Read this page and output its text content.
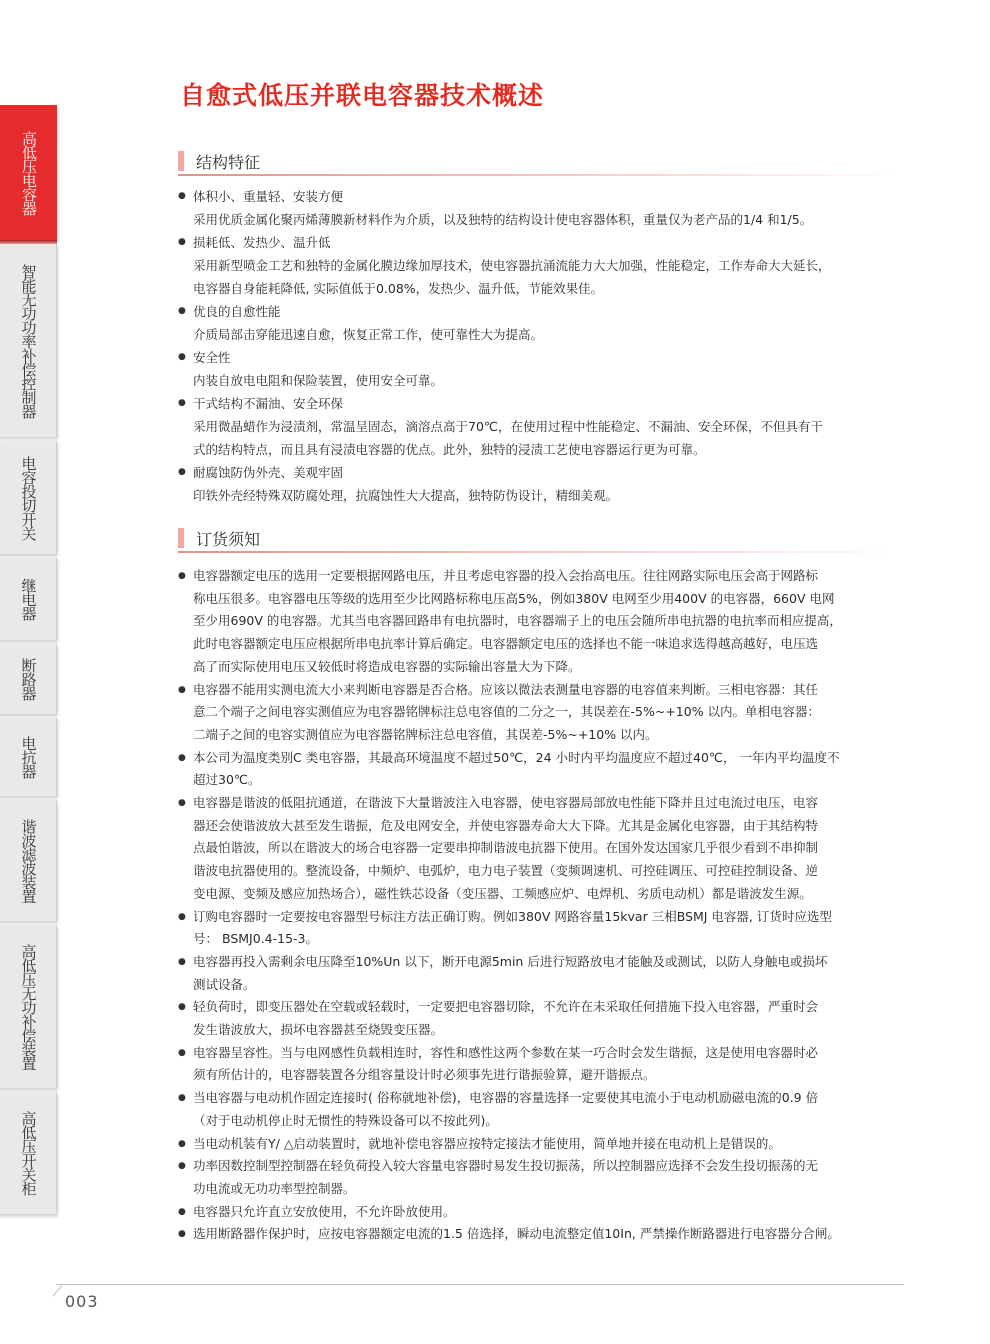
高低压电容器
智能无功功率补偿控制器
电容投切开关
继电器
断路器
电抗器
谐波滤波装置
高低压无功补偿装置
高低压开关柜
自愈式低压并联电容器技术概述
结构特征

● 体积小、重量轻、安装方便

采用优质金属化聚丙烯薄膜新材料作为介质，以及独特的结构设计使电容器体积，重量仅为老产品的1/4 和1/5。

● 损耗低、发热少、温升低

采用新型喷金工艺和独特的金属化膜边缘加厚技术，使电容器抗涌流能力大大加强，性能稳定，工作寿命大大延长，

电容器自身能耗降低, 实际值低于0.08%，发热少、温升低，节能效果佳。

● 优良的自愈性能

介质局部击穿能迅速自愈，恢复正常工作，使可靠性大为提高。

● 安全性

内装自放电电阻和保险装置，使用安全可靠。

● 干式结构不漏油、安全环保

采用微晶蜡作为浸渍剂，常温呈固态，滴溶点高于70℃，在使用过程中性能稳定、不漏油、安全环保，不但具有干

式的结构特点，而且具有浸渍电容器的优点。此外，独特的浸渍工艺使电容器运行更为可靠。

● 耐腐蚀防伪外壳、美观牢固

印铁外壳经特殊双防腐处理，抗腐蚀性大大提高，独特防伪设计，精细美观。

订货须知

● 电容器额定电压的选用一定要根据网路电压，并且考虑电容器的投入会抬高电压。往往网路实际电压会高于网路标

称电压很多。电容器电压等级的选用至少比网路标称电压高5%，例如380V 电网至少用400V 的电容器，660V 电网

至少用690V 的电容器。尤其当电容器回路串有电抗器时，电容器端子上的电压会随所串电抗器的电抗率而相应提高，

此时电容器额定电压应根据所串电抗率计算后确定。电容器额定电压的选择也不能一味追求选得越高越好，电压选

高了而实际使用电压又较低时将造成电容器的实际输出容量大为下降。

● 电容器不能用实测电流大小来判断电容器是否合格。应该以微法表测量电容器的电容值来判断。三相电容器：其任

意二个端子之间电容实测值应为电容器铭牌标注总电容值的二分之一，其误差在-5%~+10% 以内。单相电容器：

二端子之间的电容实测值应为电容器铭牌标注总电容值，其误差-5%~+10% 以内。

● 本公司为温度类别C 类电容器，其最高环境温度不超过50℃，24 小时内平均温度应不超过40℃， 一年内平均温度不

超过30℃。

● 电容器是谐波的低阻抗通道，在谐波下大量谐波注入电容器，使电容器局部放电性能下降并且过电流过电压，电容

器还会使谐波放大甚至发生谐振，危及电网安全，并使电容器寿命大大下降。尤其是金属化电容器，由于其结构特

点最怕谐波，所以在谐波大的场合电容器一定要串抑制谐波电抗器下使用。在国外发达国家几乎很少看到不串抑制

谐波电抗器使用的。整流设备，中频炉、电弧炉，电力电子装置（变频调速机、可控硅调压、可控硅控制设备、逆

变电源、变频及感应加热场合），磁性铁芯设备（变压器、工频感应炉、电焊机、劣质电动机）都是谐波发生源。

● 订购电容器时一定要按电容器型号标注方法正确订购。例如380V 网路容量15kvar 三相BSMJ 电容器, 订货时应选型

号： BSMJ0.4-15-3。

● 电容器再投入需剩余电压降至10%Un 以下，断开电源5min 后进行短路放电才能触及或测试，以防人身触电或损坏

测试设备。

● 轻负荷时，即变压器处在空载或轻载时，一定要把电容器切除，不允许在未采取任何措施下投入电容器，严重时会

发生谐波放大，损坏电容器甚至烧毁变压器。

● 电容器呈容性。当与电网感性负载相连时，容性和感性这两个参数在某一巧合时会发生谐振，这是使用电容器时必

须有所估计的，电容器装置各分组容量设计时必须事先进行谐振验算，避开谐振点。

● 当电容器与电动机作固定连接时( 俗称就地补偿)，电容器的容量选择一定要使其电流小于电动机励磁电流的0.9 倍

（对于电动机停止时无惯性的特殊设备可以不按此列)。

● 当电动机装有Y/ △启动装置时，就地补偿电容器应按特定接法才能使用，简单地并接在电动机上是错误的。

● 功率因数控制型控制器在轻负荷投入较大容量电容器时易发生投切振荡，所以控制器应选择不会发生投切振荡的无

功电流或无功功率型控制器。

● 电容器只允许直立安放使用，不允许卧放使用。

● 选用断路器作保护时，应按电容器额定电流的1.5 倍选择，瞬动电流整定值10In, 严禁操作断路器进行电容器分合闸。

003
